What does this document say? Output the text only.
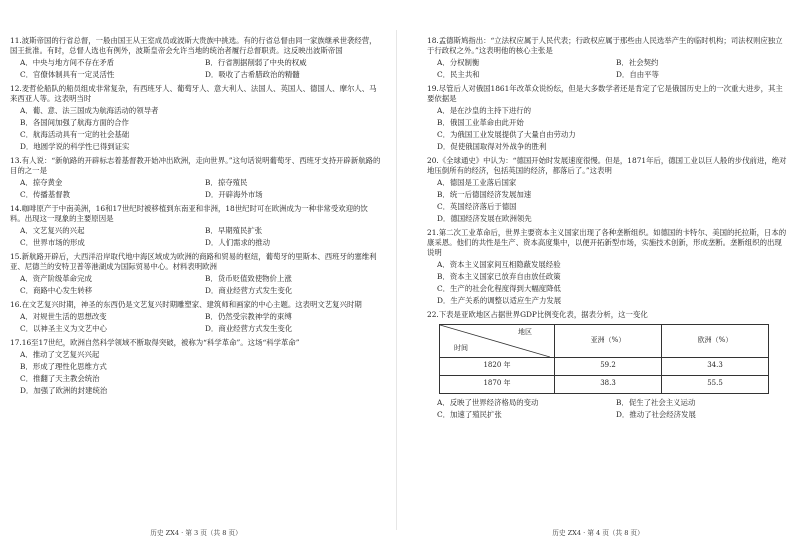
11.波斯帝国的行省总督，一般由国王从王室成员或波斯大贵族中挑选。有的行省总督由同一家族继承世袭经营，国王批准。有时，总督人选也有例外，波斯皇帝会允许当地的统治者履行总督职责。这反映出波斯帝国
A．中央与地方间不存在矛盾	B．行省割据削弱了中央的权威
C．官僚体制具有一定灵活性	D．吸收了古希腊政治的精髓
12.麦哲伦船队的船员组成非常复杂，有西班牙人、葡萄牙人、意大利人、法国人、英国人、德国人、摩尔人、马来西亚人等。这表明当时
A．葡、意、法三国成为航海活动的领导者
B．各国间加强了航海方面的合作
C．航海活动具有一定的社会基础
D．地圆学说的科学性已得到证实
13.有人说：“新航路的开辟标志着基督教开始冲出欧洲，走向世界。”这句话说明葡萄牙、西班牙支持开辟新航路的目的之一是
A．掠夺黄金	B．掠夺殖民
C．传播基督教	D．开辟海外市场
14.咖啡原产于中南美洲，16和17世纪时被移植到东南亚和非洲，18世纪时可在欧洲成为一种非常受欢迎的饮料。出现这一现象的主要原因是
A．文艺复兴的兴起	B．早期殖民扩张
C．世界市场的形成	D．人们需求的推动
15.新航路开辟后，大西洋沿岸取代地中海区域成为欧洲的商路和贸易的枢纽，葡萄牙的里斯本、西班牙的塞维利亚、尼德兰的安特卫普等港湖成为国际贸易中心。材料表明欧洲
A．资产阶级革命完成	B．货币贬值致使物价上涨
C．商路中心发生转移	D．商业经营方式发生变化
16.在文艺复兴时期，神圣的东西仍是文艺复兴时期雕塑家、建筑师和画家的中心主题。这表明文艺复兴时期
A．对规世生活的思想改变	B．仍然受宗教神学的束缚
C．以神圣主义为文艺中心	D．商业经营方式发生变化
17.16至17世纪，欧洲自然科学领域不断取得突破，被称为“科学革命”。这场“科学革命”
A．推动了文艺复兴兴起
B．形成了理性化思维方式
C．推翻了天主教会统治
D．加强了欧洲的封建统治
历史 ZX4 · 第 3 页（共 8 页）
18.孟德斯鸠指出：“立法权应属于人民代表；行政权应属于那些由人民选举产生的临时机构；司法权则应独立于行政权之外。”这表明他的核心主张是
A．分权制衡	B．社会契约
C．民主共和	D．自由平等
19.尽管后人对俄国1861年改革众说纷纭，但是大多数学者还是肯定了它是俄国历史上的一次重大进步，其主要依据是
A．是在沙皇的主持下进行的
B．俄国工业革命由此开始
C．为俄国工业发展提供了大量自由劳动力
D．促使俄国取得对外战争的胜利
20.《全球通史》中认为：“德国开始时发展速度很慢。但是，1871年后，德国工业以巨人般的步伐前进，绝对地压倒所有的经济，包括英国的经济，都落后了。”这表明
A．德国是工业落后国家
B．统一后德国经济发展加速
C．英国经济落后于德国
D．德国经济发展在欧洲领先
21.第二次工业革命后，世界主要资本主义国家出现了各种垄断组织。如德国的卡特尔、美国的托拉斯，日本的康采恩。他们的共性是生产、资本高度集中，以便开拓新型市场，实施技术创新，形成垄断。垄断组织的出现说明
A．资本主义国家间互相隐蔽发展经验
B．资本主义国家已放弃自由放任政策
C．生产的社会化程度得到大幅度降低
D．生产关系的调整以适应生产力发展
22.下表是亚欧地区占据世界GDP比例变化表，据表分析，这一变化
地区
时间	亚洲（%）	欧洲（%）
1820 年	59.2	34.3
1870 年	38.3	55.5
A．反映了世界经济格局的变动	B．促生了社会主义运动
C．加速了殖民扩张	D．推动了社会经济发展
历史 ZX4 · 第 4 页（共 8 页）
